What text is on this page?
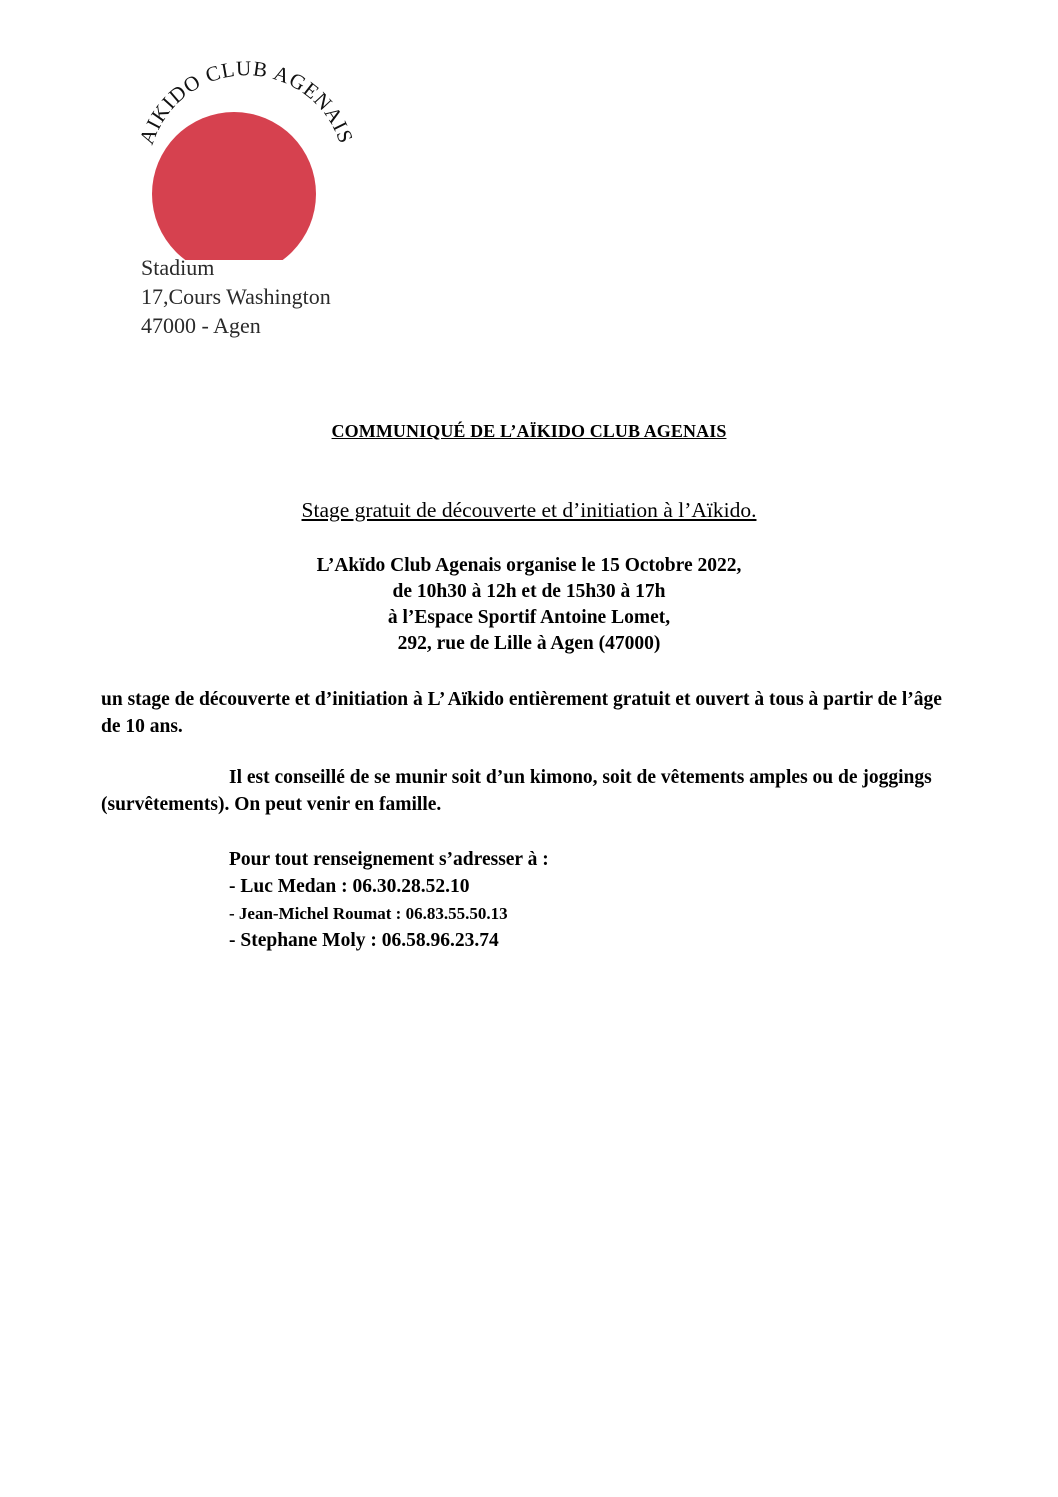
AIKIDO CLUB AGENAIS
Stadium
17,Cours Washington
47000 - Agen
COMMUNIQUÉ DE L’AÏKIDO CLUB AGENAIS
Stage gratuit de découverte et d’initiation à l’Aïkido.
L’Akïdo Club Agenais organise le 15 Octobre 2022,
de 10h30 à 12h et de 15h30 à 17h
à l’Espace Sportif Antoine Lomet,
292, rue de Lille à Agen (47000)
un stage de découverte et d’initiation à L’ Aïkido entièrement gratuit et ouvert à tous à partir de l’âge de 10 ans.
Il est conseillé de se munir soit d’un kimono, soit de vêtements amples ou de joggings (survêtements). On peut venir en famille.
Pour tout renseignement s’adresser à :
- Luc Medan : 06.30.28.52.10
- Jean-Michel Roumat : 06.83.55.50.13
- Stephane Moly : 06.58.96.23.74
